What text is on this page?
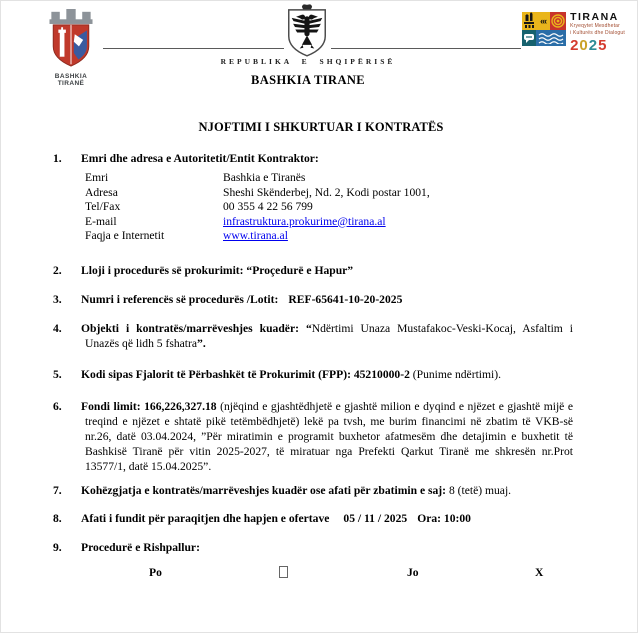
BASHKIA
TIRANË
REPUBLIKA E SHQIPËRISË
BASHKIA TIRANE
«‹	TIRANA
Kryeqytet Mesdhetar
i Kulturës dhe Dialogut
2025
NJOFTIMI I SHKURTUAR I KONTRATËS
1. Emri dhe adresa e Autoritetit/Entit Kontraktor:
Emri	Bashkia e Tiranës
Adresa	Sheshi Skënderbej, Nd. 2, Kodi postar 1001,
Tel/Fax	00 355 4 22 56 799
E-mail	infrastruktura.prokurime@tirana.al
Faqja e Internetit	www.tirana.al
2. Lloji i procedurës së prokurimit: “Proçedurë e Hapur”
3. Numri i referencës së procedurës /Lotit: REF-65641-10-20-2025
4. Objekti i kontratës/marrëveshjes kuadër: “Ndërtimi Unaza Mustafakoc-Veski-Kocaj, Asfaltim i Unazës që lidh 5 fshatra”.
5. Kodi sipas Fjalorit të Përbashkët të Prokurimit (FPP): 45210000-2 (Punime ndërtimi).
6. Fondi limit: 166,226,327.18 (njëqind e gjashtëdhjetë e gjashtë milion e dyqind e njëzet e gjashtë mijë e treqind e njëzet e shtatë pikë tetëmbëdhjetë) lekë pa tvsh, me burim financimi në zbatim të VKB-së nr.26, datë 03.04.2024, ”Për miratimin e programit buxhetor afatmesëm dhe detajimin e buxhetit të Bashkisë Tiranë për vitin 2025-2027, të miratuar nga Prefekti Qarkut Tiranë me shkresën nr.Prot 13577/1, datë 15.04.2025”.
7. Kohëzgjatja e kontratës/marrëveshjes kuadër ose afati për zbatimin e saj: 8 (tetë) muaj.
8. Afati i fundit për paraqitjen dhe hapjen e ofertave 05 / 11 / 2025 Ora: 10:00
9. Procedurë e Rishpallur:
Po	Jo	X
